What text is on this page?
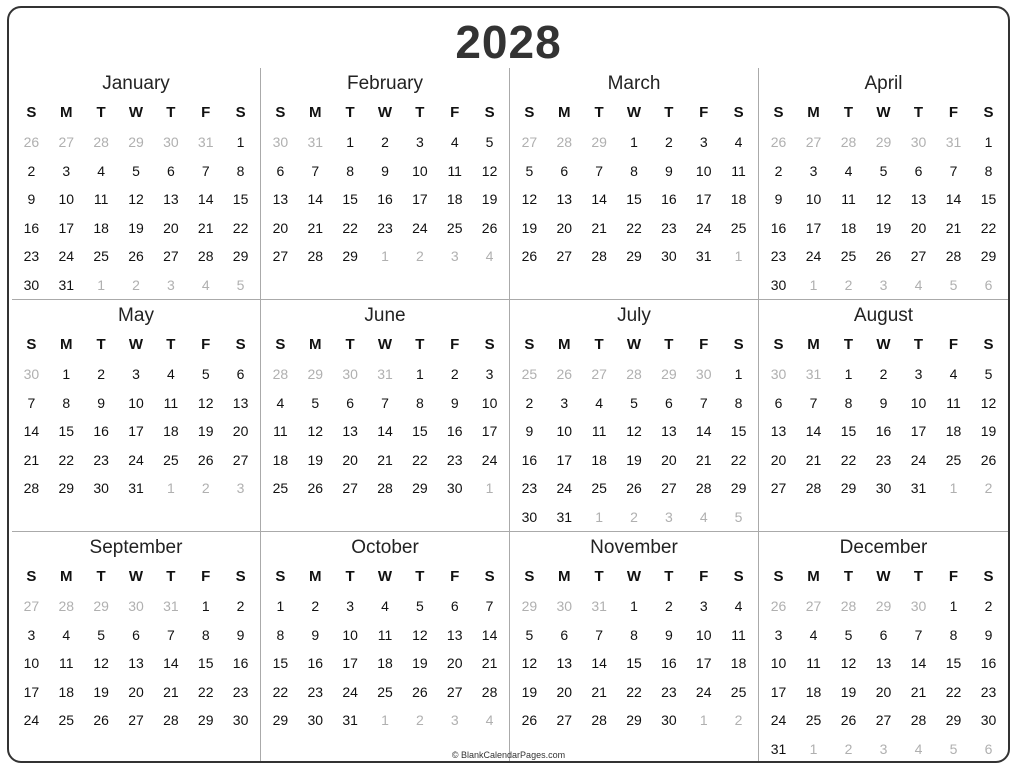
2028
January
S	M	T	W	T	F	S
26	27	28	29	30	31	1
2	3	4	5	6	7	8
9	10	11	12	13	14	15
16	17	18	19	20	21	22
23	24	25	26	27	28	29
30	31	1	2	3	4	5
February
S	M	T	W	T	F	S
30	31	1	2	3	4	5
6	7	8	9	10	11	12
13	14	15	16	17	18	19
20	21	22	23	24	25	26
27	28	29	1	2	3	4
March
S	M	T	W	T	F	S
27	28	29	1	2	3	4
5	6	7	8	9	10	11
12	13	14	15	16	17	18
19	20	21	22	23	24	25
26	27	28	29	30	31	1
April
S	M	T	W	T	F	S
26	27	28	29	30	31	1
2	3	4	5	6	7	8
9	10	11	12	13	14	15
16	17	18	19	20	21	22
23	24	25	26	27	28	29
30	1	2	3	4	5	6
May
S	M	T	W	T	F	S
30	1	2	3	4	5	6
7	8	9	10	11	12	13
14	15	16	17	18	19	20
21	22	23	24	25	26	27
28	29	30	31	1	2	3
June
S	M	T	W	T	F	S
28	29	30	31	1	2	3
4	5	6	7	8	9	10
11	12	13	14	15	16	17
18	19	20	21	22	23	24
25	26	27	28	29	30	1
July
S	M	T	W	T	F	S
25	26	27	28	29	30	1
2	3	4	5	6	7	8
9	10	11	12	13	14	15
16	17	18	19	20	21	22
23	24	25	26	27	28	29
30	31	1	2	3	4	5
August
S	M	T	W	T	F	S
30	31	1	2	3	4	5
6	7	8	9	10	11	12
13	14	15	16	17	18	19
20	21	22	23	24	25	26
27	28	29	30	31	1	2
September
S	M	T	W	T	F	S
27	28	29	30	31	1	2
3	4	5	6	7	8	9
10	11	12	13	14	15	16
17	18	19	20	21	22	23
24	25	26	27	28	29	30
October
S	M	T	W	T	F	S
1	2	3	4	5	6	7
8	9	10	11	12	13	14
15	16	17	18	19	20	21
22	23	24	25	26	27	28
29	30	31	1	2	3	4
November
S	M	T	W	T	F	S
29	30	31	1	2	3	4
5	6	7	8	9	10	11
12	13	14	15	16	17	18
19	20	21	22	23	24	25
26	27	28	29	30	1	2
December
S	M	T	W	T	F	S
26	27	28	29	30	1	2
3	4	5	6	7	8	9
10	11	12	13	14	15	16
17	18	19	20	21	22	23
24	25	26	27	28	29	30
31	1	2	3	4	5	6
© BlankCalendarPages.com
